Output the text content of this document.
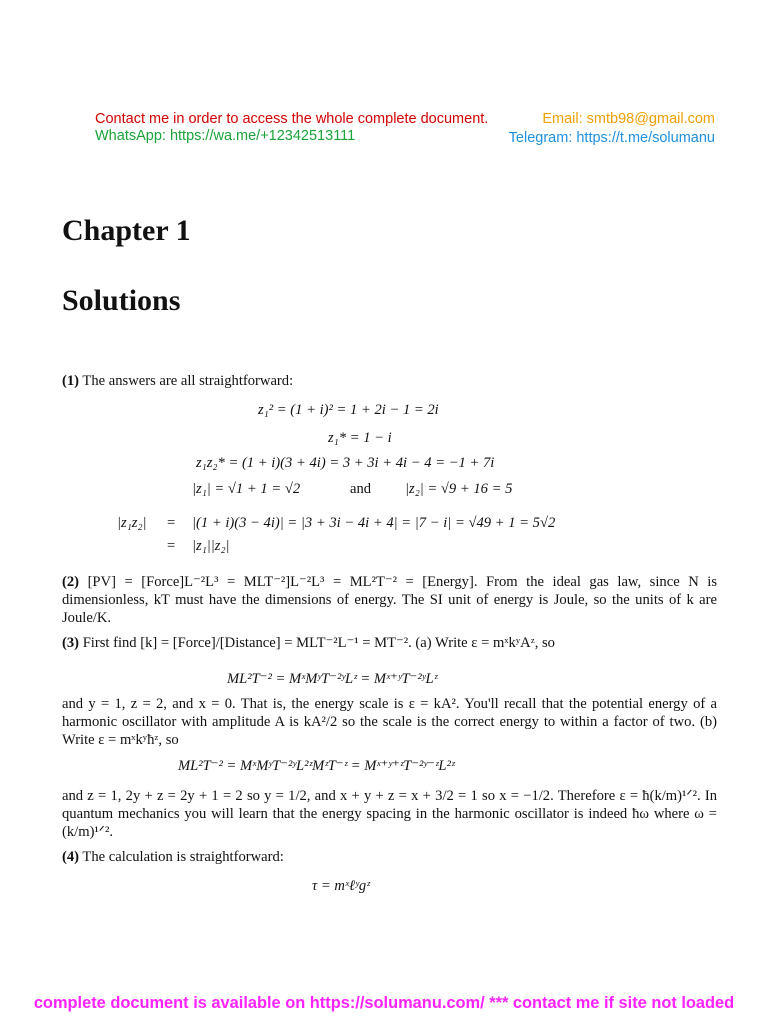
Contact me in order to access the whole complete document.	Email: smtb98@gmail.com
WhatsApp: https://wa.me/+12342513111	Telegram: https://t.me/solumanu
Chapter 1
Solutions
(1) The answers are all straightforward:
z₁² = (1 + i)² = 1 + 2i − 1 = 2i
z₁* = 1 − i
z₁z₂* = (1 + i)(3 + 4i) = 3 + 3i + 4i − 4 = −1 + 7i
|z₁| = √1 + 1 = √2	and |z₂| = √9 + 16 = 5
|z₁z₂| = |(1 + i)(3 − 4i)| = |3 + 3i − 4i + 4| = |7 − i| = √49 + 1 = 5√2
= |z₁||z₂|
(2) [PV] = [Force]L⁻²L³ = MLT⁻²]L⁻²L³ = ML²T⁻² = [Energy]. From the ideal gas law, since N is dimensionless, kT must have the dimensions of energy. The SI unit of energy is Joule, so the units of k are Joule/K.
(3) First find [k] = [Force]/[Distance] = MLT⁻²L⁻¹ = MT⁻². (a) Write ε = mˣkʸAᶻ, so
ML²T⁻² = MˣMʸT⁻²ʸLᶻ = Mˣ⁺ʸT⁻²ʸLᶻ
and y = 1, z = 2, and x = 0. That is, the energy scale is ε = kA². You'll recall that the potential energy of a harmonic oscillator with amplitude A is kA²/2 so the scale is the correct energy to within a factor of two. (b) Write ε = mˣkʸħᶻ, so
ML²T⁻² = MˣMʸT⁻²ʸL²ᶻMᶻT⁻ᶻ = Mˣ⁺ʸ⁺ᶻT⁻²ʸ⁻ᶻL²ᶻ
and z = 1, 2y + z = 2y + 1 = 2 so y = 1/2, and x + y + z = x + 3/2 = 1 so x = −1/2. Therefore ε = ħ(k/m)¹ᐟ². In quantum mechanics you will learn that the energy spacing in the harmonic oscillator is indeed ħω where ω = (k/m)¹ᐟ².
(4) The calculation is straightforward:
τ = mˣℓʸgᶻ
complete document is available on https://solumanu.com/ *** contact me if site not loaded
